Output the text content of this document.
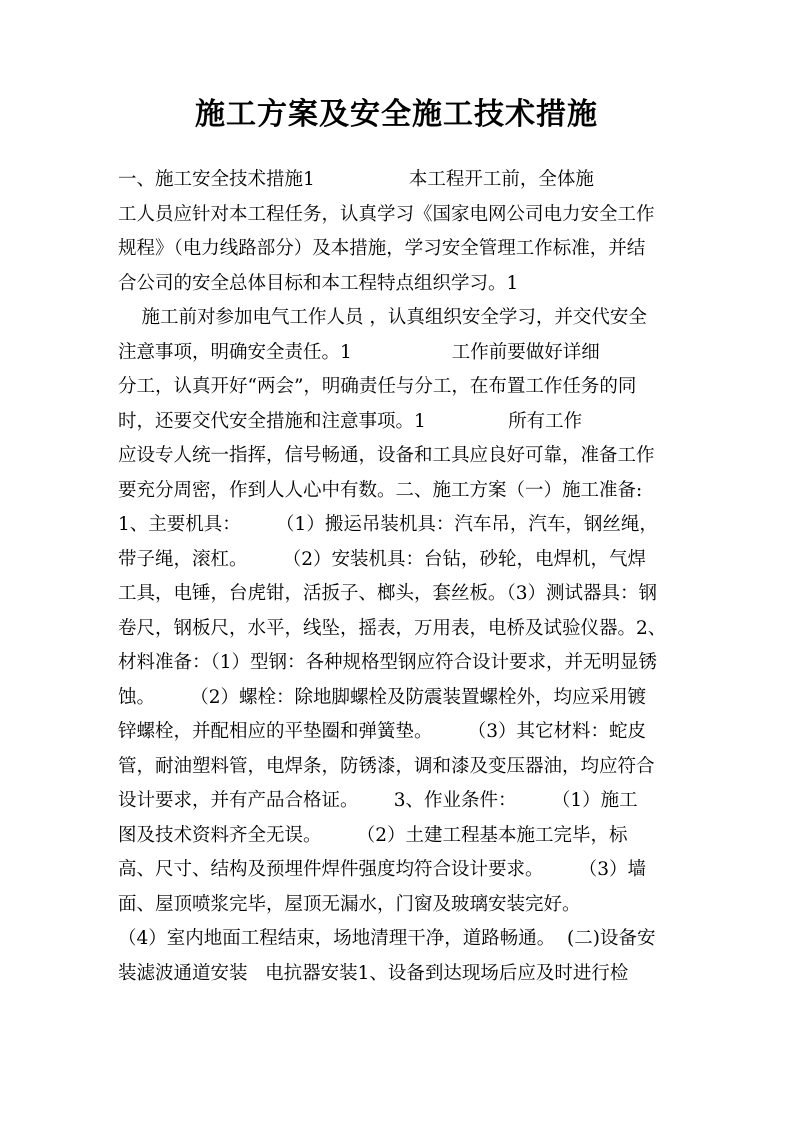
施工方案及安全施工技术措施
一、施工安全技术措施1                本工程开工前，全体施
工人员应针对本工程任务，认真学习《国家电网公司电力安全工作
规程》（电力线路部分）及本措施，学习安全管理工作标准，并结
合公司的安全总体目标和本工程特点组织学习。1
施工前对参加电气工作人员 ，认真组织安全学习，并交代安全
注意事项，明确安全责任。1                 工作前要做好详细
分工，认真开好“两会”，明确责任与分工，在布置工作任务的同
时，还要交代安全措施和注意事项。1              所有工作
应设专人统一指挥，信号畅通，设备和工具应良好可靠，准备工作
要充分周密，作到人人心中有数。二、施工方案（一）施工准备:
1、主要机具：      （1）搬运吊装机具：汽车吊，汽车，钢丝绳，
带子绳，滚杠。      （2）安装机具：台钻，砂轮，电焊机，气焊
工具，电锤，台虎钳，活扳子、榔头，套丝板。（3）测试器具：钢
卷尺，钢板尺，水平，线坠，摇表，万用表，电桥及试验仪器。2、
材料准备：（1）型钢：各种规格型钢应符合设计要求，并无明显锈
蚀。      （2）螺栓：除地脚螺栓及防震装置螺栓外，均应采用镀
锌螺栓，并配相应的平垫圈和弹簧垫。      （3）其它材料：蛇皮
管，耐油塑料管，电焊条，防锈漆，调和漆及变压器油，均应符合
设计要求，并有产品合格证。      3、作业条件：      （1）施工
图及技术资料齐全无误。      （2）土建工程基本施工完毕，标
高、尺寸、结构及预埋件焊件强度均符合设计要求。      （3）墙
面、屋顶喷浆完毕，屋顶无漏水，门窗及玻璃安装完好。
（4）室内地面工程结束，场地清理干净，道路畅通。  (二)设备安
装滤波通道安装   电抗器安装1、设备到达现场后应及时进行检
